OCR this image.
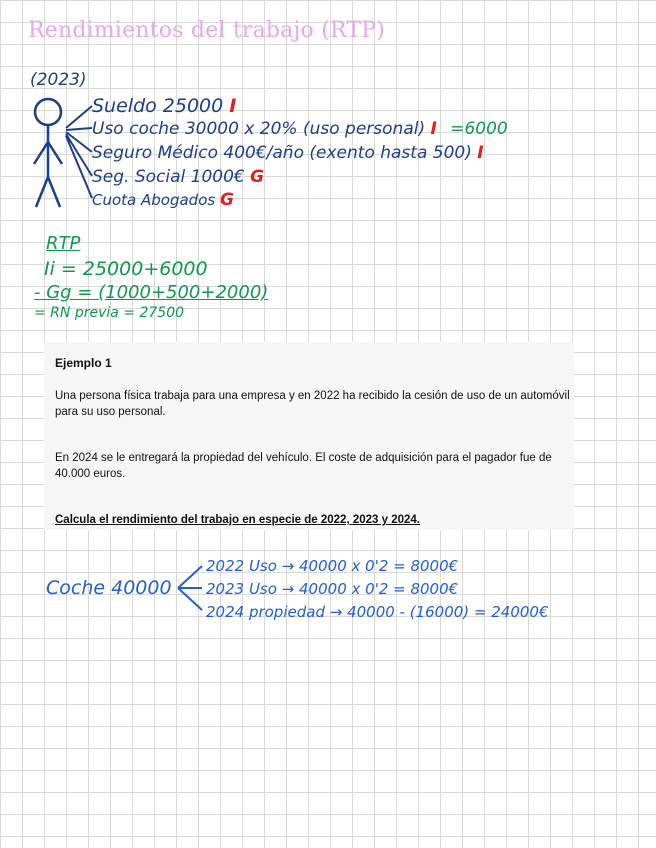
Rendimientos del trabajo (RTP)
(2023)
Sueldo 25000 I
Uso coche 30000 x 20% (uso personal) I =6000
Seguro Médico 400€/año (exento hasta 500) I
Seg. Social 1000€ G
Cuota Abogados G
RTP
Ii = 25000+6000
- Gg = (1000+500+2000)
= RN previa = 27500
Ejemplo 1
Una persona física trabaja para una empresa y en 2022 ha recibido la cesión de uso de un automóvil para su uso personal.
En 2024 se le entregará la propiedad del vehículo. El coste de adquisición para el pagador fue de 40.000 euros.
Calcula el rendimiento del trabajo en especie de 2022, 2023 y 2024.
Coche 40000
2022 Uso → 40000 x 0'2 = 8000€
2023 Uso → 40000 x 0'2 = 8000€
2024 propiedad → 40000 - (16000) = 24000€
